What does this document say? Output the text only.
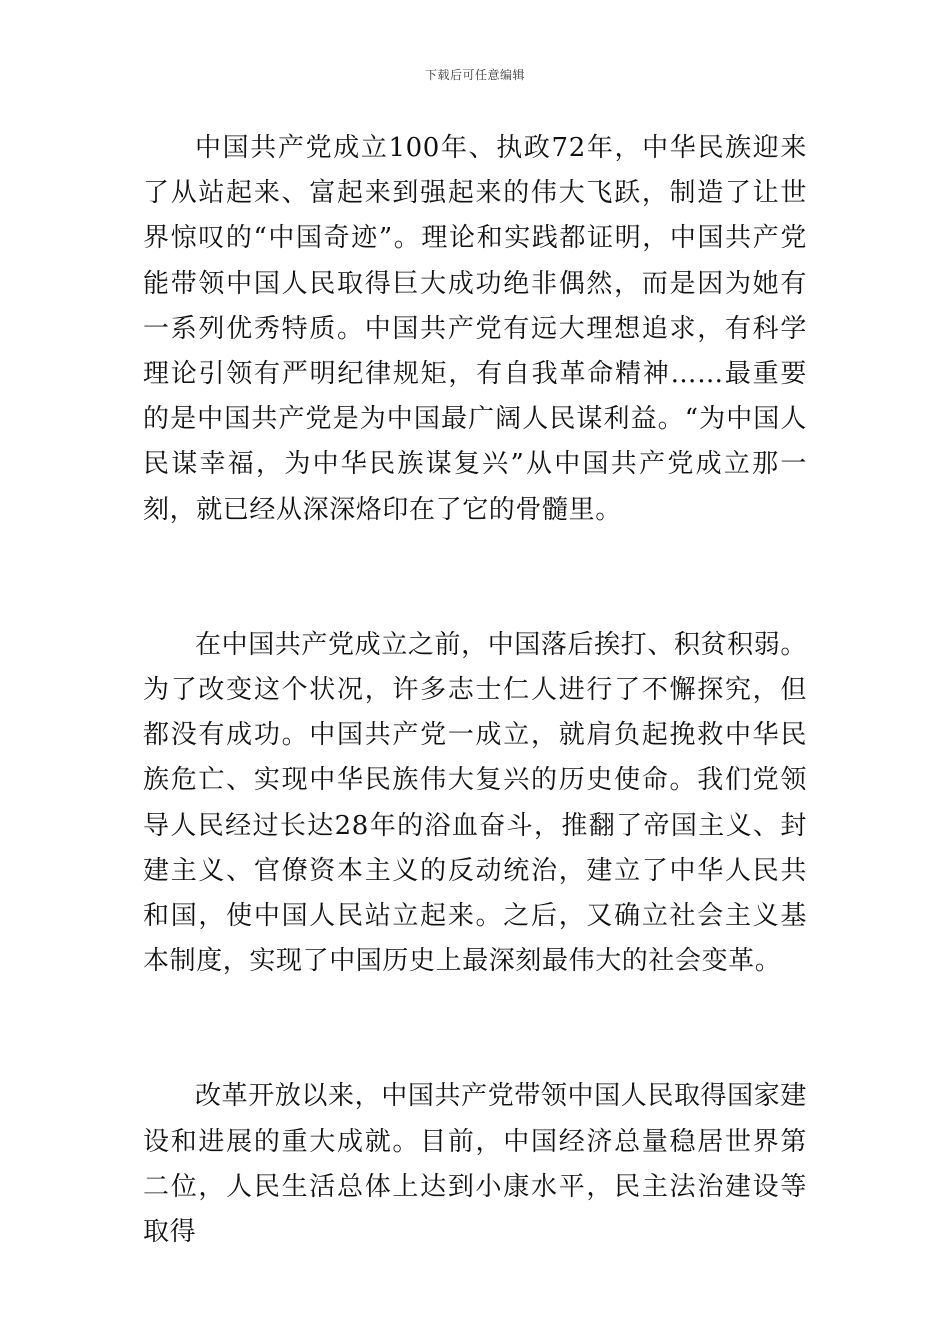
下载后可任意编辑

中国共产党成立100年、执政72年，中华民族迎来了从站起来、富起来到强起来的伟大飞跃，制造了让世界惊叹的“中国奇迹”。理论和实践都证明，中国共产党能带领中国人民取得巨大成功绝非偶然，而是因为她有一系列优秀特质。中国共产党有远大理想追求，有科学理论引领有严明纪律规矩，有自我革命精神……最重要的是中国共产党是为中国最广阔人民谋利益。“为中国人民谋幸福，为中华民族谋复兴”从中国共产党成立那一刻，就已经从深深烙印在了它的骨髓里。

在中国共产党成立之前，中国落后挨打、积贫积弱。为了改变这个状况，许多志士仁人进行了不懈探究，但都没有成功。中国共产党一成立，就肩负起挽救中华民族危亡、实现中华民族伟大复兴的历史使命。我们党领导人民经过长达28年的浴血奋斗，推翻了帝国主义、封建主义、官僚资本主义的反动统治，建立了中华人民共和国，使中国人民站立起来。之后，又确立社会主义基本制度，实现了中国历史上最深刻最伟大的社会变革。

改革开放以来，中国共产党带领中国人民取得国家建设和进展的重大成就。目前，中国经济总量稳居世界第二位，人民生活总体上达到小康水平，民主法治建设等取得
